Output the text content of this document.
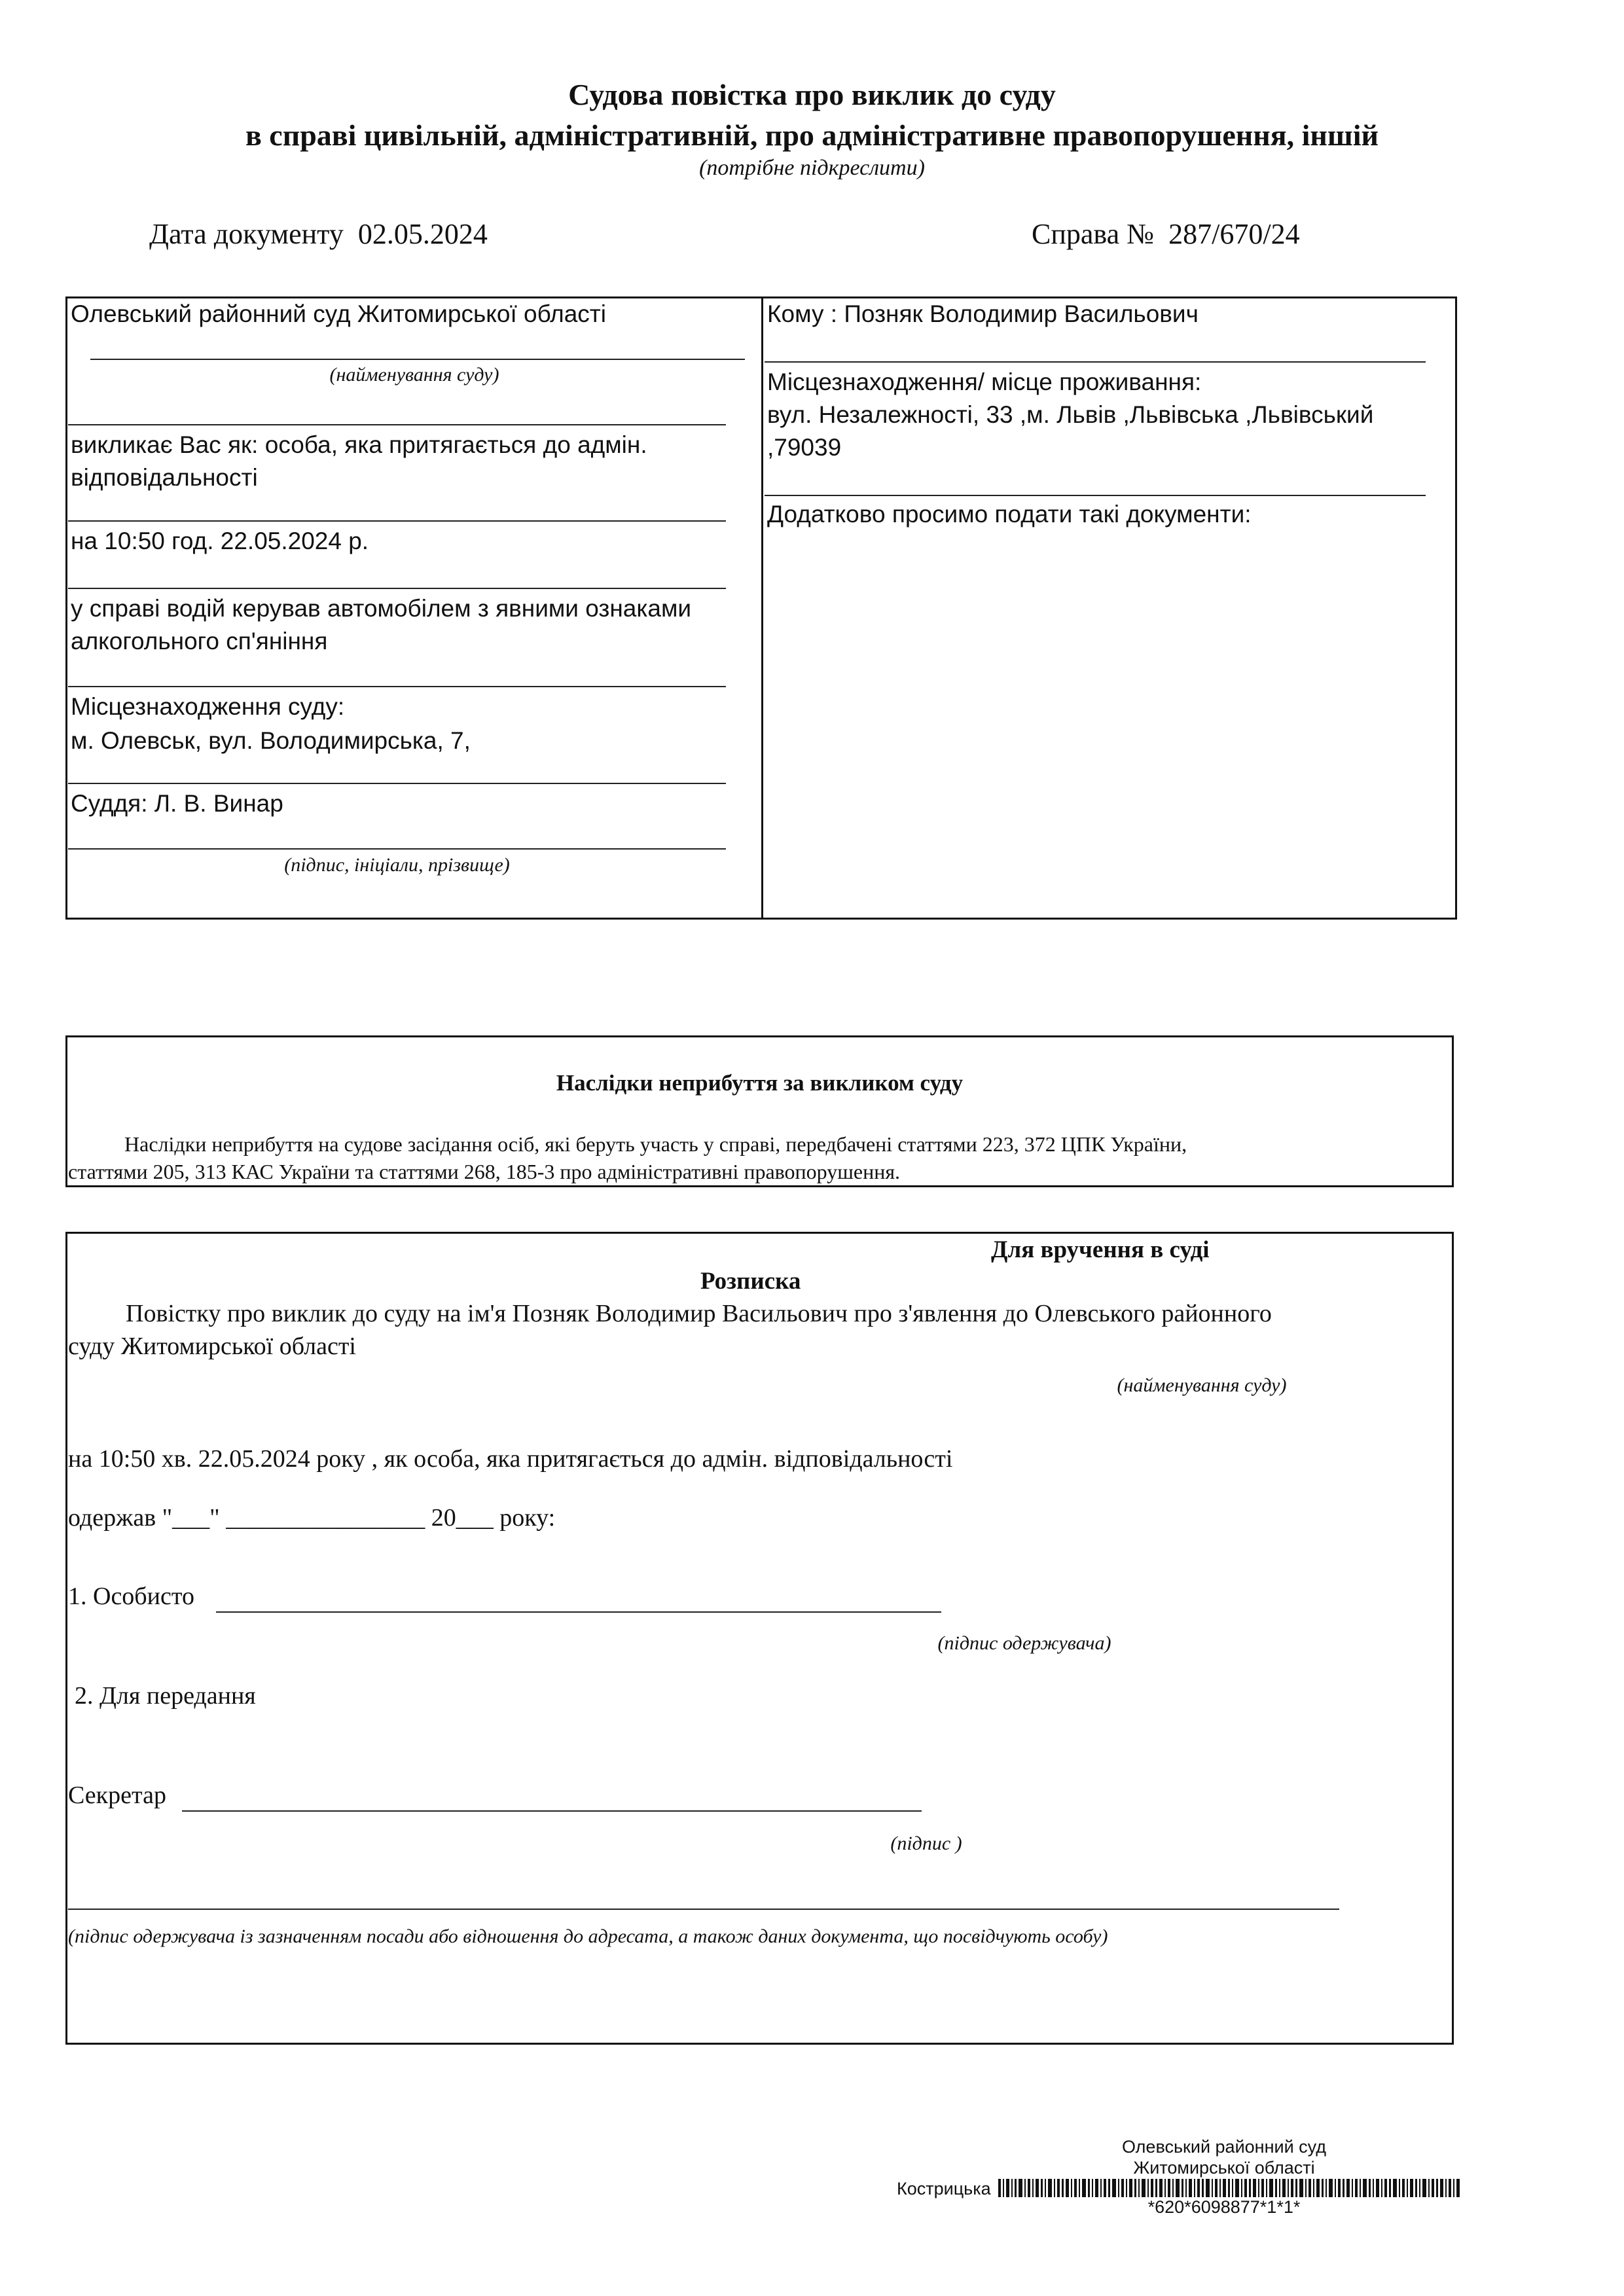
Судова повістка про виклик до суду
в справі цивільній, адміністративній, про адміністративне правопорушення, іншій
(потрібне підкреслити)
Дата документу 02.05.2024	Справа № 287/670/24
Олевський районний суд Житомирської області
(найменування суду)
викликає Вас як: особа, яка притягається до адмін.
відповідальності
на 10:50 год. 22.05.2024 р.
у справі водій керував автомобілем з явними ознаками
алкогольного сп'яніння
Місцезнаходження суду:
м. Олевськ, вул. Володимирська, 7,
Суддя: Л. В. Винар
(підпис, ініціали, прізвище)
Кому : Позняк Володимир Васильович
Місцезнаходження/ місце проживання:
вул. Незалежності, 33 ,м. Львів ,Львівська ,Львівський
,79039
Додатково просимо подати такі документи:
Наслідки неприбуття за викликом суду
Наслідки неприбуття на судове засідання осіб, які беруть участь у справі, передбачені статтями 223, 372 ЦПК України,
статтями 205, 313 КАС України та статтями 268, 185-3 про адміністративні правопорушення.
Для вручення в суді
Розписка
Повістку про виклик до суду на ім'я Позняк Володимир Васильович про з'явлення до Олевського районного
суду Житомирської області
(найменування суду)
на 10:50 хв. 22.05.2024 року , як особа, яка притягається до адмін. відповідальності
одержав "___" ________________ 20___ року:
1. Особисто
(підпис одержувача)
2. Для передання
Секретар
(підпис )
(підпис одержувача із зазначенням посади або відношення до адресата, а також даних документа, що посвідчують особу)
Олевський районний суд
Житомирської області
Кострицька
*620*6098877*1*1*
